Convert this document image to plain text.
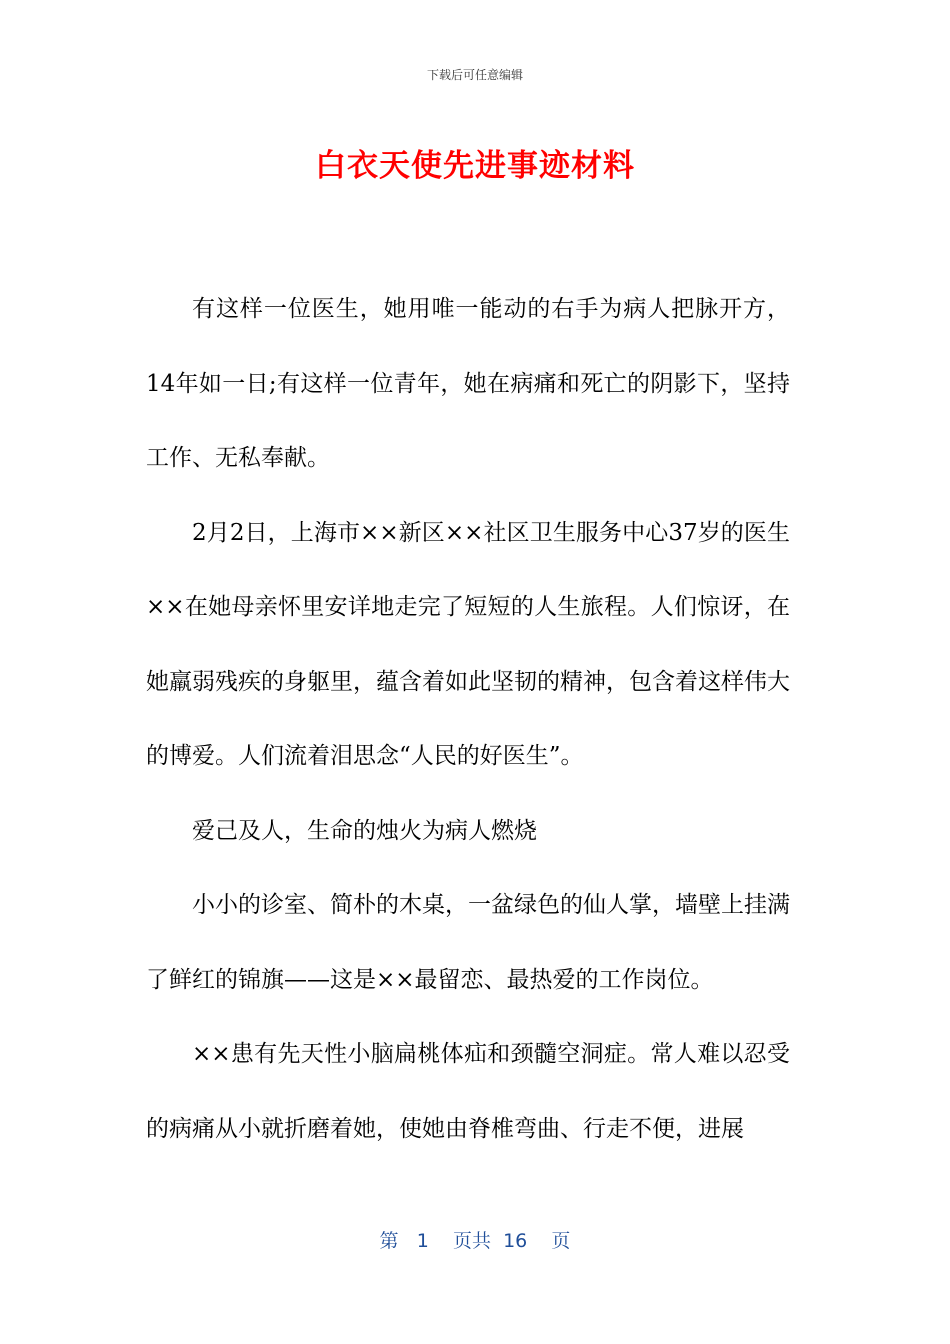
下载后可任意编辑
白衣天使先进事迹材料

有这样一位医生，她用唯一能动的右手为病人把脉开方，14年如一日;有这样一位青年，她在病痛和死亡的阴影下，坚持工作、无私奉献。

2月2日，上海市××新区××社区卫生服务中心37岁的医生××在她母亲怀里安详地走完了短短的人生旅程。人们惊讶，在她羸弱残疾的身躯里，蕴含着如此坚韧的精神，包含着这样伟大的博爱。人们流着泪思念“人民的好医生”。

爱己及人，生命的烛火为病人燃烧

小小的诊室、简朴的木桌，一盆绿色的仙人掌，墙壁上挂满了鲜红的锦旗——这是××最留恋、最热爱的工作岗位。

××患有先天性小脑扁桃体疝和颈髓空洞症。常人难以忍受的病痛从小就折磨着她，使她由脊椎弯曲、行走不便，进展

第 1 页共 16 页
